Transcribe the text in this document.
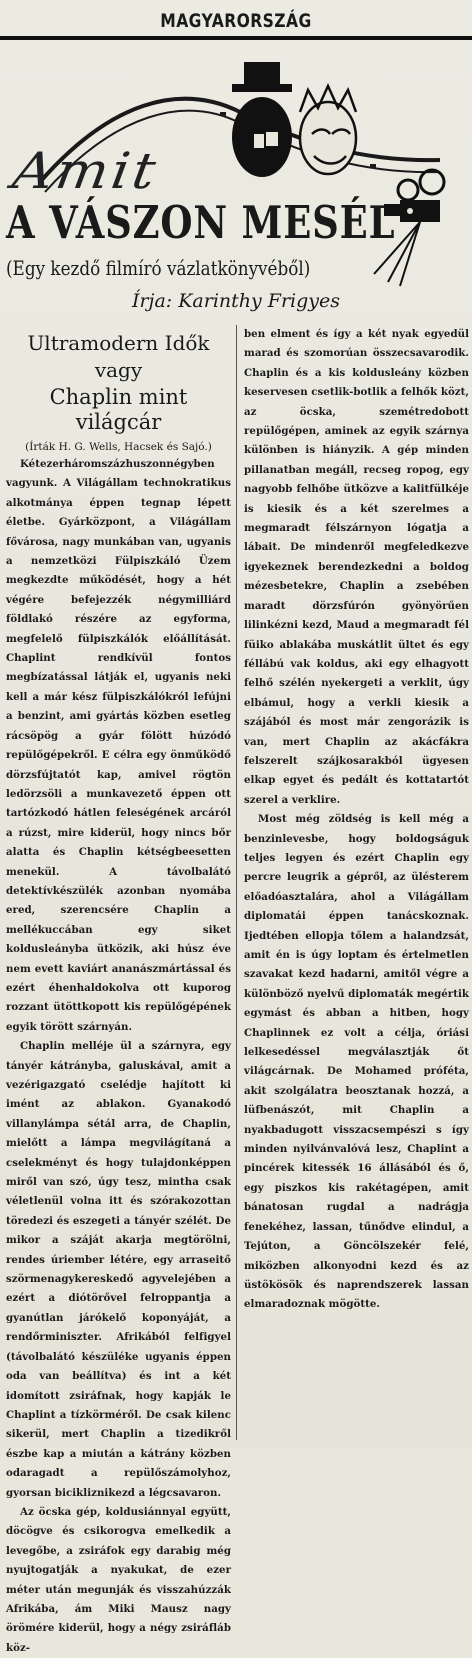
MAGYARORSZÁG
Amit
A VÁSZON MESÉL
(Egy kezdő filmíró vázlatkönyvéből)
Írja: Karinthy Frigyes
Ultramodern Idők
vagy
Chaplin mint világcár
(Írták H. G. Wells, Hacsek és Sajó.)

Kétezerháromszázhuszonnégyben vagyunk. A Világállam technokratikus alkotmánya éppen tegnap lépett életbe. Gyárközpont, a Világállam fővárosa, nagy munkában van, ugyanis a nemzetközi Fülpiszkáló Üzem megkezdte működését, hogy a hét végére befejezzék négymilliárd földlakó részére az egyforma, megfelelő fülpiszkálók előállítását. Chaplint rendkívül fontos megbízatással látják el, ugyanis neki kell a már kész fülpiszkálókról lefújni a benzint, ami gyártás közben esetleg rácsöpög a gyár fölött húzódó repülőgépekről. E célra egy önműködő dörzsfújtatót kap, amivel rögtön ledörzsöli a munkavezető éppen ott tartózkodó hátlen feleségének arcáról a rúzst, mire kiderül, hogy nincs bőr alatta és Chaplin kétségbeesetten menekül. A távolbalátó detektívkészülék azonban nyomába ered, szerencsére Chaplin a mellékuccában egy siket koldusleányba ütközik, aki húsz éve nem evett kaviárt ananászmártással és ezért éhenhaldokolva ott kuporog rozzant ütöttkopott kis repülőgépének egyik törött szárnyán.

Chaplin melléje ül a szárnyra, egy tányér kátrányba, galuskával, amit a vezérigazgató cselédje hajított ki imént az ablakon. Gyanakodó villanylámpa sétál arra, de Chaplin, mielőtt a lámpa megvilágítaná a cselekményt és hogy tulajdonképpen miről van szó, úgy tesz, mintha csak véletlenül volna itt és szórakozottan töredezi és eszegeti a tányér szélét. De mikor a száját akarja megtörölni, rendes úriember létére, egy arraseitő szörmenagykereskedő agyvelejében a ezért a diótörővel felroppantja a gyanútlan járókelő koponyáját, a rendőrminiszter. Afrikából felfigyel (távolbalátó készüléke ugyanis éppen oda van beállítva) és int a két idomított zsiráfnak, hogy kapják le Chaplint a tízkörméről. De csak kilenc sikerül, mert Chaplin a tizedikről észbe kap a miután a kátrány közben odaragadt a repülőszámolyhoz, gyorsan bicikliznikezd a légcsavaron.

Az öcska gép, koldusiánnyal együtt, döcögve és csikorogva emelkedik a levegőbe, a zsiráfok egy darabig még nyujtogatják a nyakukat, de ezer méter után megunják és visszahúzzák Afrikába, ám Miki Mausz nagy örömére kiderül, hogy a négy zsiráfláb köz-

ben elment és így a két nyak egyedül marad és szomorúan összecsavarodik. Chaplin és a kis koldusleány közben keservesen csetlik-botlik a felhők közt, az öcska, szemétredobott repülőgépen, aminek az egyik szárnya különben is hiányzik. A gép minden pillanatban megáll, recseg ropog, egy nagyobb felhőbe ütközve a kalitfülkéje is kiesik és a két szerelmes a megmaradt félszárnyon lógatja a lábait. De mindenről megfeledkezve igyekeznek berendezkedni a boldog mézesbetekre, Chaplin a zsebében maradt dörzsfúrón gyönyörűen lilinkézni kezd, Maud a megmaradt fél füiko ablakába muskátlit ültet és egy féllábú vak koldus, aki egy elhagyott felhő szélén nyekergeti a verklit, úgy elbámul, hogy a verkli kiesik a szájából és most már zengorázik is van, mert Chaplin az akácfákra felszerelt szájkosarakból ügyesen elkap egyet és pedált és kottatartót szerel a verklire.

Most még zöldség is kell még a benzinlevesbe, hogy boldogságuk teljes legyen és ezért Chaplin egy percre leugrik a gépről, az ülésterem előadóasztalára, ahol a Világállam diplomatái éppen tanácskoznak. Ijedtében ellopja tőlem a halandzsát, amit én is úgy loptam és értelmetlen szavakat kezd hadarni, amitől végre a különböző nyelvű diplomaták megértik egymást és abban a hitben, hogy Chaplinnek ez volt a célja, óriási lelkesedéssel megválasztják őt világcárnak. De Mohamed próféta, akit szolgálatra beosztanak hozzá, a lüfbenászót, mit Chaplin a nyakbadugott visszacsempészi s így minden nyilvánvalóvá lesz, Chaplint a pincérek kitessék 16 állásából és ő, egy piszkos kis rakétagépen, amit bánatosan rugdal a nadrágja fenekéhez, lassan, tűnődve elindul, a Tejúton, a Göncölszekér felé, miközben alkonyodni kezd és az üstökösök és naprendszerek lassan elmaradoznak mögötte.
